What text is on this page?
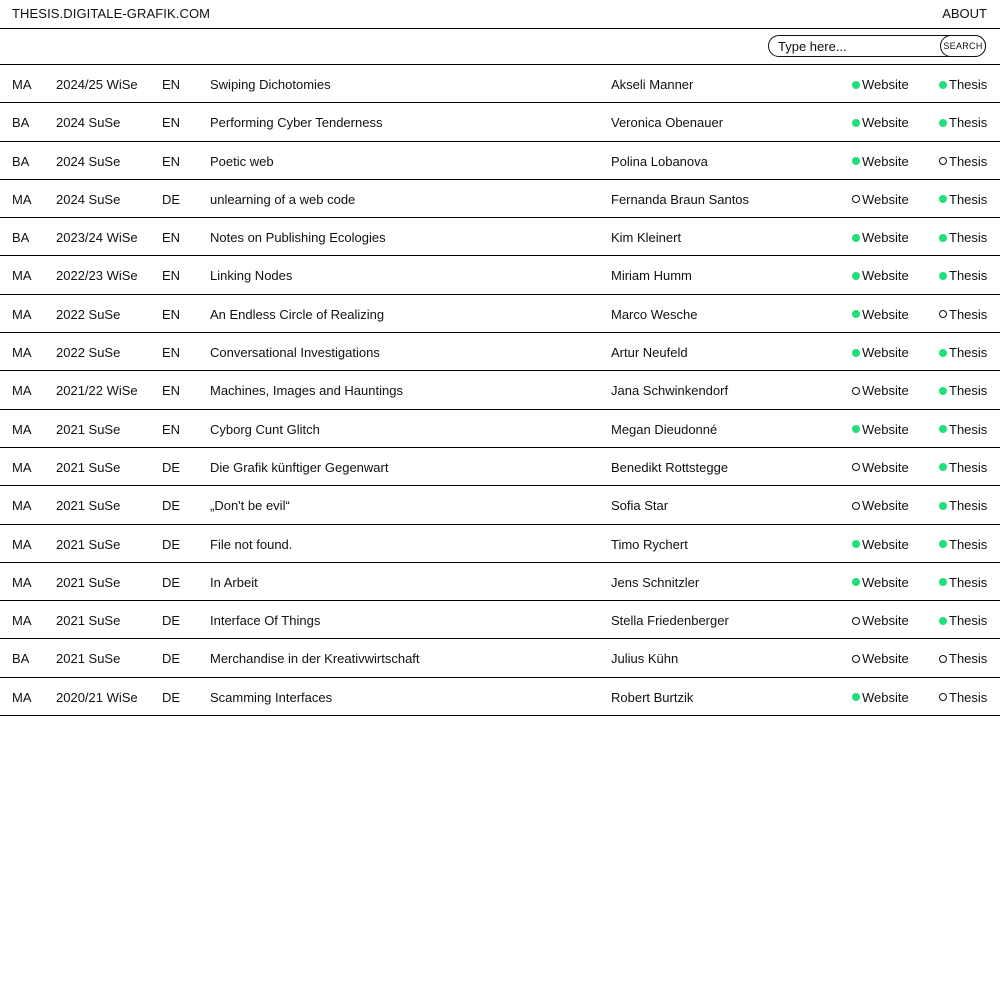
THESIS.DIGITALE-GRAFIK.COM	ABOUT
Type here...
SEARCH
MA 2024/25 WiSe EN Swiping Dichotomies	Akseli Manner	Website	Thesis
BA 2024 SuSe	EN Performing Cyber Tenderness	Veronica Obenauer	Website	Thesis
BA 2024 SuSe	EN Poetic web	Polina Lobanova	Website	Thesis
MA 2024 SuSe	DE unlearning of a web code	Fernanda Braun Santos	Website	Thesis
BA 2023/24 WiSe EN Notes on Publishing Ecologies	Kim Kleinert	Website	Thesis
MA 2022/23 WiSe EN Linking Nodes	Miriam Humm	Website	Thesis
MA 2022 SuSe	EN An Endless Circle of Realizing	Marco Wesche	Website	Thesis
MA 2022 SuSe	EN Conversational Investigations	Artur Neufeld	Website	Thesis
MA 2021/22 WiSe EN Machines, Images and Hauntings	Jana Schwinkendorf	Website	Thesis
MA 2021 SuSe	EN Cyborg Cunt Glitch	Megan Dieudonné	Website	Thesis
MA 2021 SuSe	DE Die Grafik künftiger Gegenwart	Benedikt Rottstegge	Website	Thesis
MA 2021 SuSe	DE „Don't be evil“	Sofia Star	Website	Thesis
MA 2021 SuSe	DE File not found.	Timo Rychert	Website	Thesis
MA 2021 SuSe	DE In Arbeit	Jens Schnitzler	Website	Thesis
MA 2021 SuSe	DE Interface Of Things	Stella Friedenberger	Website	Thesis
BA 2021 SuSe	DE Merchandise in der Kreativwirtschaft	Julius Kühn	Website	Thesis
MA 2020/21 WiSe DE Scamming Interfaces	Robert Burtzik	Website	Thesis
